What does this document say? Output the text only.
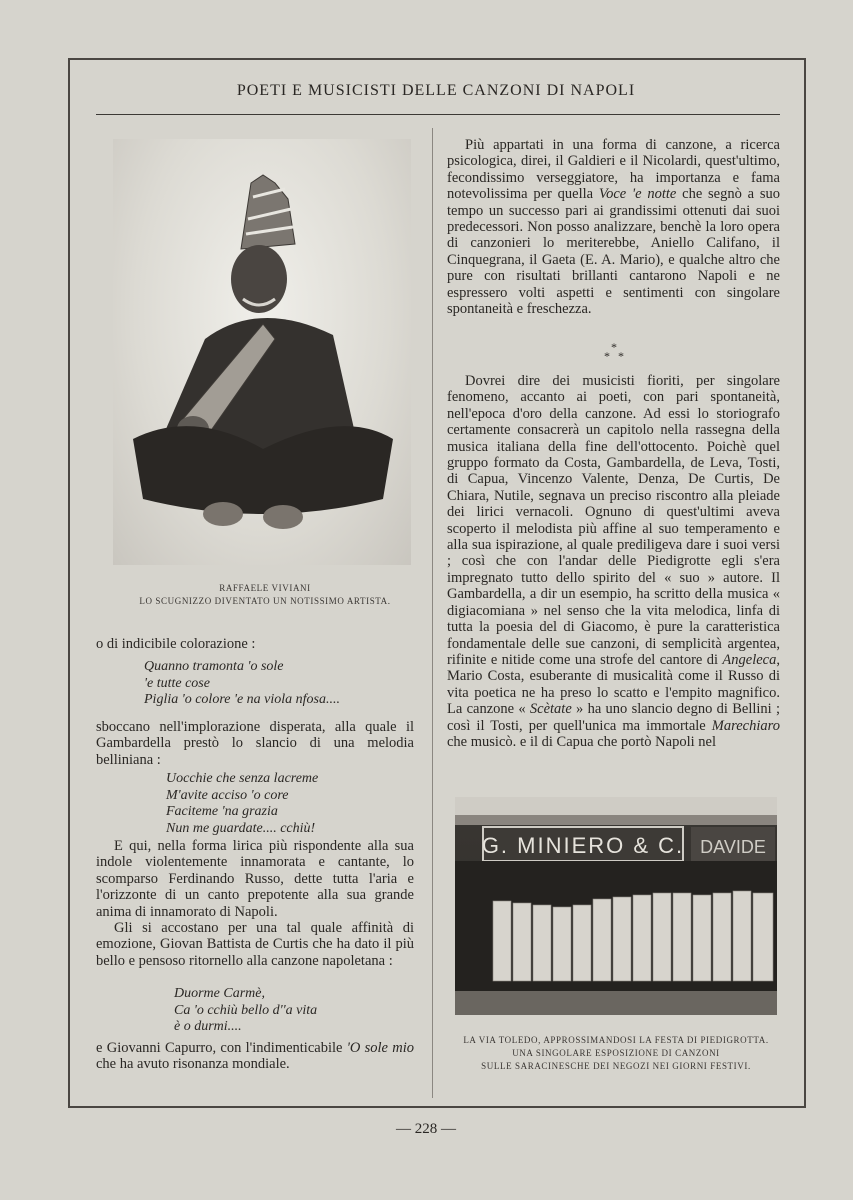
POETI E MUSICISTI DELLE CANZONI DI NAPOLI
RAFFAELE VIVIANI
LO SCUGNIZZO DIVENTATO UN NOTISSIMO ARTISTA.

o di indicibile colorazione :

Quanno tramonta 'o sole
'e tutte cose
Piglia 'o colore 'e na viola nfosa....

sboccano nell'implorazione disperata, alla quale il Gambardella prestò lo slancio di una melodia belliniana :

Uocchie che senza lacreme
M'avite acciso 'o core
Faciteme 'na grazia
Nun me guardate.... cchiù!

E qui, nella forma lirica più rispondente alla sua indole violentemente innamorata e cantante, lo scomparso Ferdinando Russo, dette tutta l'aria e l'orizzonte di un canto prepotente alla sua grande anima di innamorato di Napoli.

Gli si accostano per una tal quale affinità di emozione, Giovan Battista de Curtis che ha dato il più bello e pensoso ritornello alla canzone napoletana :

Duorme Carmè,
Ca 'o cchiù bello d''a vita
è o durmi....

e Giovanni Capurro, con l'indimenticabile 'O sole mio che ha avuto risonanza mondiale.

Più appartati in una forma di canzone, a ricerca psicologica, direi, il Galdieri e il Nicolardi, quest'ultimo, fecondissimo verseggiatore, ha importanza e fama notevolissima per quella Voce 'e notte che segnò a suo tempo un successo pari ai grandissimi ottenuti dai suoi predecessori. Non posso analizzare, benchè la loro opera di canzonieri lo meriterebbe, Aniello Califano, il Cinquegrana, il Gaeta (E. A. Mario), e qualche altro che pure con risultati brillanti cantarono Napoli e ne espressero volti aspetti e sentimenti con singolare spontaneità e freschezza.

*
* *

Dovrei dire dei musicisti fioriti, per singolare fenomeno, accanto ai poeti, con pari spontaneità, nell'epoca d'oro della canzone. Ad essi lo storiografo certamente consacrerà un capitolo nella rassegna della musica italiana della fine dell'ottocento. Poichè quel gruppo formato da Costa, Gambardella, de Leva, Tosti, di Capua, Vincenzo Valente, Denza, De Curtis, De Chiara, Nutile, segnava un preciso riscontro alla pleiade dei lirici vernacoli. Ognuno di quest'ultimi aveva scoperto il melodista più affine al suo temperamento e alla sua ispirazione, al quale prediligeva dare i suoi versi ; così che con l'andar delle Piedigrotte egli s'era impregnato tutto dello spirito del « suo » autore. Il Gambardella, a dir un esempio, ha scritto della musica « digiacomiana » nel senso che la vita melodica, linfa di tutta la poesia del di Giacomo, è pure la caratteristica fondamentale delle sue canzoni, di semplicità argentea, rifinite e nitide come una strofe del cantore di Angeleca, Mario Costa, esuberante di musicalità come il Russo di vita poetica ne ha preso lo scatto e l'empito magnifico. La canzone « Scètate » ha uno slancio degno di Bellini ; così il Tosti, per quell'unica ma immortale Marechiaro che musicò. e il di Capua che portò Napoli nel

G. MINIERO & C. DAVIDE
LA VIA TOLEDO, APPROSSIMANDOSI LA FESTA DI PIEDIGROTTA.
UNA SINGOLARE ESPOSIZIONE DI CANZONI
SULLE SARACINESCHE DEI NEGOZI NEI GIORNI FESTIVI.
— 228 —
